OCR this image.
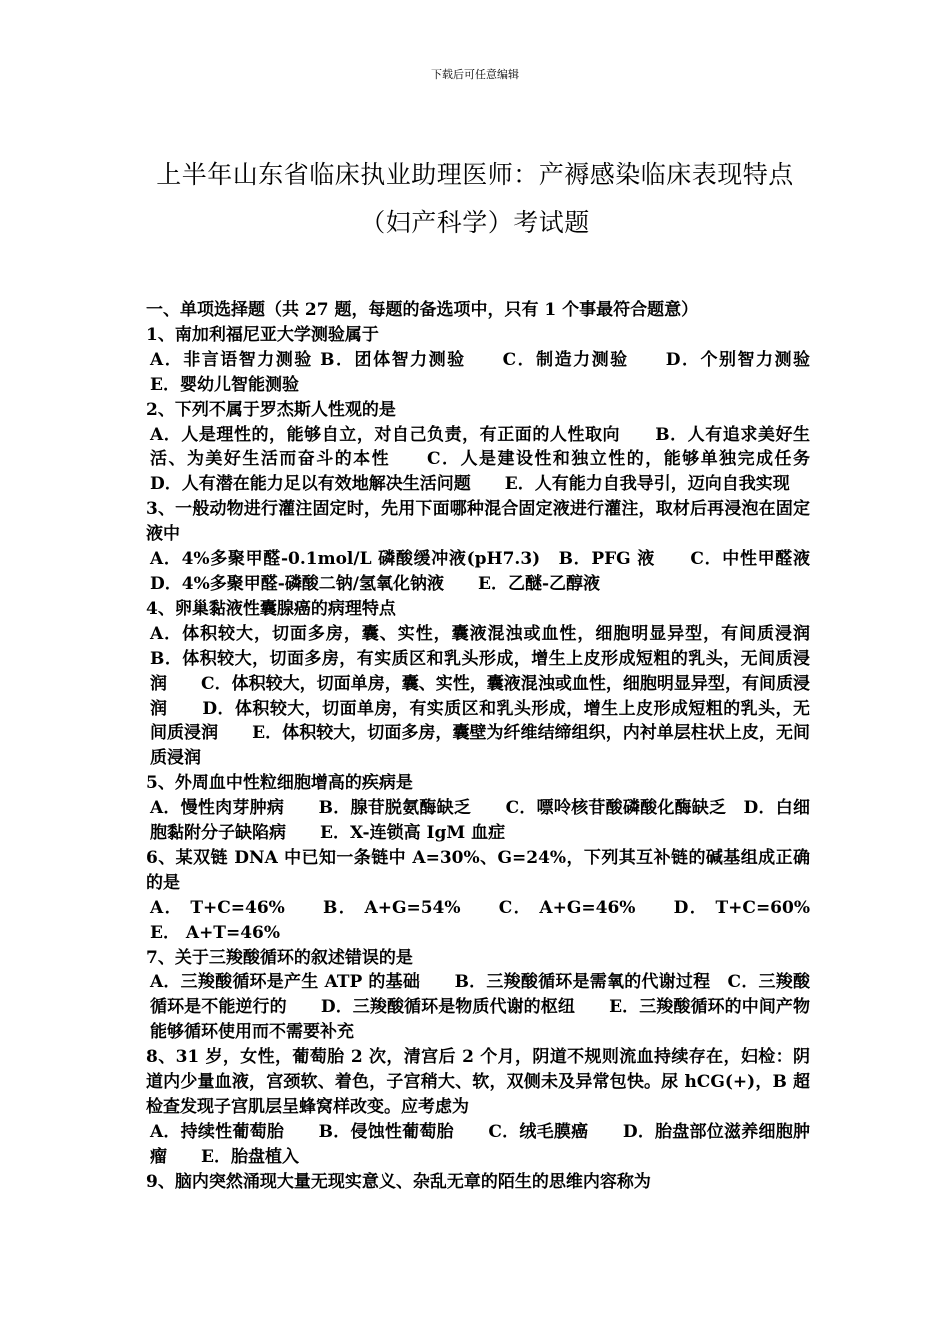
下载后可任意编辑
上半年山东省临床执业助理医师：产褥感染临床表现特点
（妇产科学）考试题

一、单项选择题（共 27 题，每题的备选项中，只有 1 个事最符合题意）

1、南加利福尼亚大学测验属于

A．非言语智力测验 B．团体智力测验　　C．制造力测验　　D．个别智力测验　　E．婴幼儿智能测验

2、下列不属于罗杰斯人性观的是

A．人是理性的，能够自立，对自己负责，有正面的人性取向　　B．人有追求美好生活、为美好生活而奋斗的本性　　C．人是建设性和独立性的，能够单独完成任务　　D．人有潜在能力足以有效地解决生活问题　　E．人有能力自我导引，迈向自我实现

3、一般动物进行灌注固定时，先用下面哪种混合固定液进行灌注，取材后再浸泡在固定液中

A．4%多聚甲醛-0.1mol/L 磷酸缓冲液(pH7.3)　B．PFG 液　　C．中性甲醛液　　D．4%多聚甲醛-磷酸二钠/氢氧化钠液　　E．乙醚-乙醇液

4、卵巢黏液性囊腺癌的病理特点

A．体积较大，切面多房，囊、实性，囊液混浊或血性，细胞明显异型，有间质浸润　　B．体积较大，切面多房，有实质区和乳头形成，增生上皮形成短粗的乳头，无间质浸润　　C．体积较大，切面单房，囊、实性，囊液混浊或血性，细胞明显异型，有间质浸润　　D．体积较大，切面单房，有实质区和乳头形成，增生上皮形成短粗的乳头，无间质浸润　　E．体积较大，切面多房，囊壁为纤维结缔组织，内衬单层柱状上皮，无间质浸润

5、外周血中性粒细胞增高的疾病是

A．慢性肉芽肿病　　B．腺苷脱氨酶缺乏　　C．嘌呤核苷酸磷酸化酶缺乏　D．白细胞黏附分子缺陷病　　E．X-连锁高 IgM 血症

6、某双链 DNA 中已知一条链中 A=30%、G=24%，下列其互补链的碱基组成正确的是

A． T+C=46%　　B． A+G=54%　　C． A+G=46%　　D． T+C=60%　E． A+T=46%

7、关于三羧酸循环的叙述错误的是

A．三羧酸循环是产生 ATP 的基础　　B．三羧酸循环是需氧的代谢过程　C．三羧酸循环是不能逆行的　　D．三羧酸循环是物质代谢的枢纽　　E．三羧酸循环的中间产物能够循环使用而不需要补充

8、31 岁，女性，葡萄胎 2 次，清宫后 2 个月，阴道不规则流血持续存在，妇检：阴道内少量血液，宫颈软、着色，子宫稍大、软，双侧未及异常包快。尿 hCG(+)，B 超检查发现子宫肌层呈蜂窝样改变。应考虑为

A．持续性葡萄胎　　B．侵蚀性葡萄胎　　C．绒毛膜癌　　D．胎盘部位滋养细胞肿瘤　　E．胎盘植入

9、脑内突然涌现大量无现实意义、杂乱无章的陌生的思维内容称为
